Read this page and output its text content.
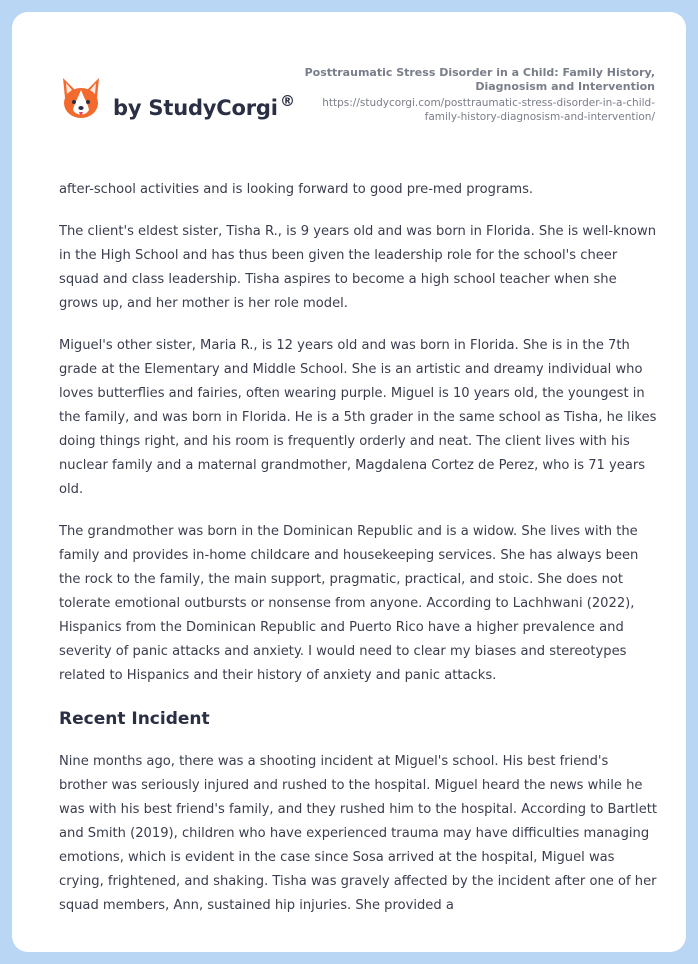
by StudyCorgi ®
Posttraumatic Stress Disorder in a Child: Family History, Diagnosism and Intervention
https://studycorgi.com/posttraumatic-stress-disorder-in-a-child-family-history-diagnosism-and-intervention/

after-school activities and is looking forward to good pre-med programs.

The client's eldest sister, Tisha R., is 9 years old and was born in Florida. She is well-known in the High School and has thus been given the leadership role for the school's cheer squad and class leadership. Tisha aspires to become a high school teacher when she grows up, and her mother is her role model.

Miguel's other sister, Maria R., is 12 years old and was born in Florida. She is in the 7th grade at the Elementary and Middle School. She is an artistic and dreamy individual who loves butterflies and fairies, often wearing purple. Miguel is 10 years old, the youngest in the family, and was born in Florida. He is a 5th grader in the same school as Tisha, he likes doing things right, and his room is frequently orderly and neat. The client lives with his nuclear family and a maternal grandmother, Magdalena Cortez de Perez, who is 71 years old.

The grandmother was born in the Dominican Republic and is a widow. She lives with the family and provides in-home childcare and housekeeping services. She has always been the rock to the family, the main support, pragmatic, practical, and stoic. She does not tolerate emotional outbursts or nonsense from anyone. According to Lachhwani (2022), Hispanics from the Dominican Republic and Puerto Rico have a higher prevalence and severity of panic attacks and anxiety. I would need to clear my biases and stereotypes related to Hispanics and their history of anxiety and panic attacks.

Recent Incident

Nine months ago, there was a shooting incident at Miguel's school. His best friend's brother was seriously injured and rushed to the hospital. Miguel heard the news while he was with his best friend's family, and they rushed him to the hospital. According to Bartlett and Smith (2019), children who have experienced trauma may have difficulties managing emotions, which is evident in the case since Sosa arrived at the hospital, Miguel was crying, frightened, and shaking. Tisha was gravely affected by the incident after one of her squad members, Ann, sustained hip injuries. She provided a
